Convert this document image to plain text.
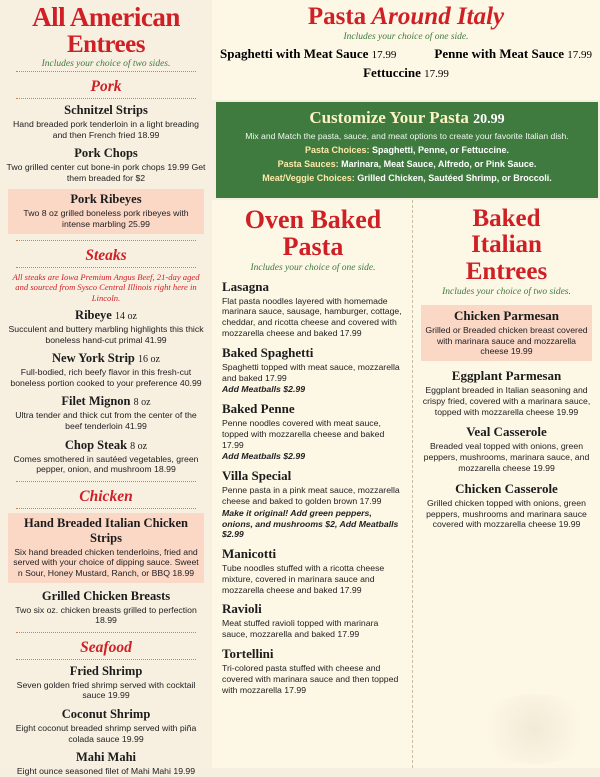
All American
Entrees
Includes your choice of two sides.
Pork
Schnitzel Strips
Hand breaded pork tenderloin in a light breading and then French fried 18.99
Pork Chops
Two grilled center cut bone-in pork chops 19.99 Get them breaded for $2
Pork Ribeyes
Two 8 oz grilled boneless pork ribeyes with intense marbling 25.99
Steaks
All steaks are Iowa Premium Angus Beef, 21-day aged and sourced from Sysco Central Illinois right here in Lincoln.
Ribeye 14 oz
Succulent and buttery marbling highlights this thick boneless hand-cut primal 41.99
New York Strip 16 oz
Full-bodied, rich beefy flavor in this fresh-cut boneless portion cooked to your preference 40.99
Filet Mignon 8 oz
Ultra tender and thick cut from the center of the beef tenderloin 41.99
Chop Steak 8 oz
Comes smothered in sautéed vegetables, green pepper, onion, and mushroom 18.99
Chicken
Hand Breaded Italian Chicken Strips
Six hand breaded chicken tenderloins, fried and served with your choice of dipping sauce. Sweet n Sour, Honey Mustard, Ranch, or BBQ 18.99
Grilled Chicken Breasts
Two six oz. chicken breasts grilled to perfection 18.99
Seafood
Fried Shrimp
Seven golden fried shrimp served with cocktail sauce 19.99
Coconut Shrimp
Eight coconut breaded shrimp served with piña colada sauce 19.99
Mahi Mahi
Eight ounce seasoned filet of Mahi Mahi 19.99
Pasta Around Italy
Includes your choice of one side.
Spaghetti with Meat Sauce 17.99	Penne with Meat Sauce 17.99
Fettuccine 17.99
Customize Your Pasta 20.99
Mix and Match the pasta, sauce, and meat options to create your favorite Italian dish.
Pasta Choices: Spaghetti, Penne, or Fettuccine.
Pasta Sauces: Marinara, Meat Sauce, Alfredo, or Pink Sauce.
Meat/Veggie Choices: Grilled Chicken, Sautéed Shrimp, or Broccoli.
Oven Baked
Pasta
Includes your choice of one side.
Lasagna
Flat pasta noodles layered with homemade marinara sauce, sausage, hamburger, cottage, cheddar, and ricotta cheese and covered with mozzarella cheese and baked 17.99
Baked Spaghetti
Spaghetti topped with meat sauce, mozzarella and baked 17.99
Add Meatballs $2.99
Baked Penne
Penne noodles covered with meat sauce, topped with mozzarella cheese and baked 17.99
Add Meatballs $2.99
Villa Special
Penne pasta in a pink meat sauce, mozzarella cheese and baked to golden brown 17.99
Make it original! Add green peppers, onions, and mushrooms $2, Add Meatballs $2.99
Manicotti
Tube noodles stuffed with a ricotta cheese mixture, covered in marinara sauce and mozzarella cheese and baked 17.99
Ravioli
Meat stuffed ravioli topped with marinara sauce, mozzarella and baked 17.99
Tortellini
Tri-colored pasta stuffed with cheese and covered with marinara sauce and then topped with mozzarella 17.99
Baked
Italian
Entrees
Includes your choice of two sides.
Chicken Parmesan
Grilled or Breaded chicken breast covered with marinara sauce and mozzarella cheese 19.99
Eggplant Parmesan
Eggplant breaded in Italian seasoning and crispy fried, covered with a marinara sauce, topped with mozzarella cheese 19.99
Veal Casserole
Breaded veal topped with onions, green peppers, mushrooms, marinara sauce, and mozzarella cheese 19.99
Chicken Casserole
Grilled chicken topped with onions, green peppers, mushrooms and marinara sauce covered with mozzarella cheese 19.99
